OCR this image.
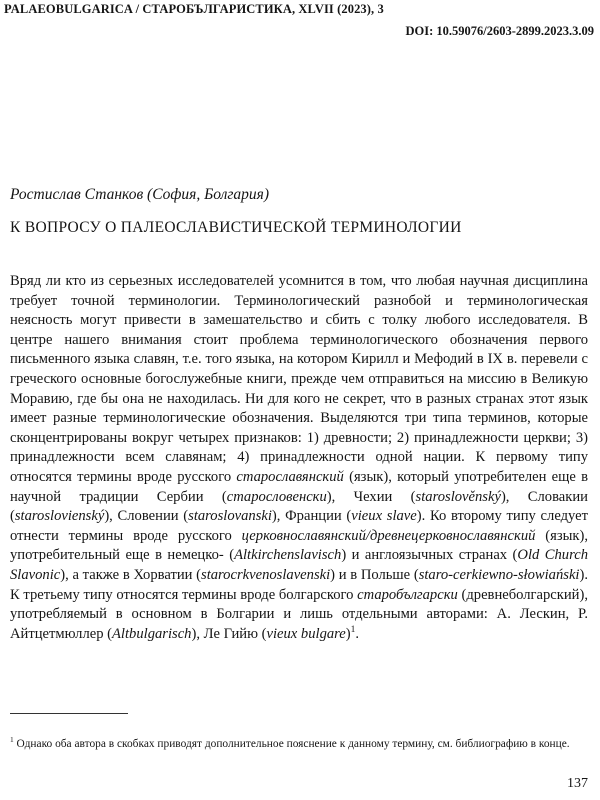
PALAEOBULGARICA / СТАРОБЪЛГАРИСТИКА, XLVII (2023), 3
DOI: 10.59076/2603-2899.2023.3.09
Ростислав Станков (София, Болгария)
К ВОПРОСУ О ПАЛЕОСЛАВИСТИЧЕСКОЙ ТЕРМИНОЛОГИИ

Вряд ли кто из серьезных исследователей усомнится в том, что любая научная дисциплина требует точной терминологии. Терминологический разнобой и терминологическая неясность могут привести в замешательство и сбить с толку любого исследователя. В центре нашего внимания стоит проблема терминологического обозначения первого письменного языка славян, т.е. того языка, на котором Кирилл и Мефодий в IX в. перевели с греческого основные богослужебные книги, прежде чем отправиться на миссию в Великую Моравию, где бы она не находилась. Ни для кого не секрет, что в разных странах этот язык имеет разные терминологические обозначения. Выделяются три типа терминов, которые сконцентрированы вокруг четырех признаков: 1) древности; 2) принадлежности церкви; 3) принадлежности всем славянам; 4) принадлежности одной нации. К первому типу относятся термины вроде русского старославянский (язык), который употребителен еще в научной традиции Сербии (старословенски), Чехии (staroslověnský), Словакии (staroslovienský), Словении (staroslovanski), Франции (vieux slave). Ко второму типу следует отнести термины вроде русского церковнославянский/древнецерковнославянский (язык), употребительный еще в немецко- (Altkirchenslavisch) и англоязычных странах (Old Church Slavonic), а также в Хорватии (starocrkvenoslavenski) и в Польше (staro-cerkiewno-słowiański). К третьему типу относятся термины вроде болгарского старобългарски (древнеболгарский), употребляемый в основном в Болгарии и лишь отдельными авторами: А. Лескин, Р. Айтцетмюллер (Altbulgarisch), Ле Гийю (vieux bulgare)$^1$.

$^1$ Однако оба автора в скобках приводят дополнительное пояснение к данному термину, см. библиографию в конце.
137
